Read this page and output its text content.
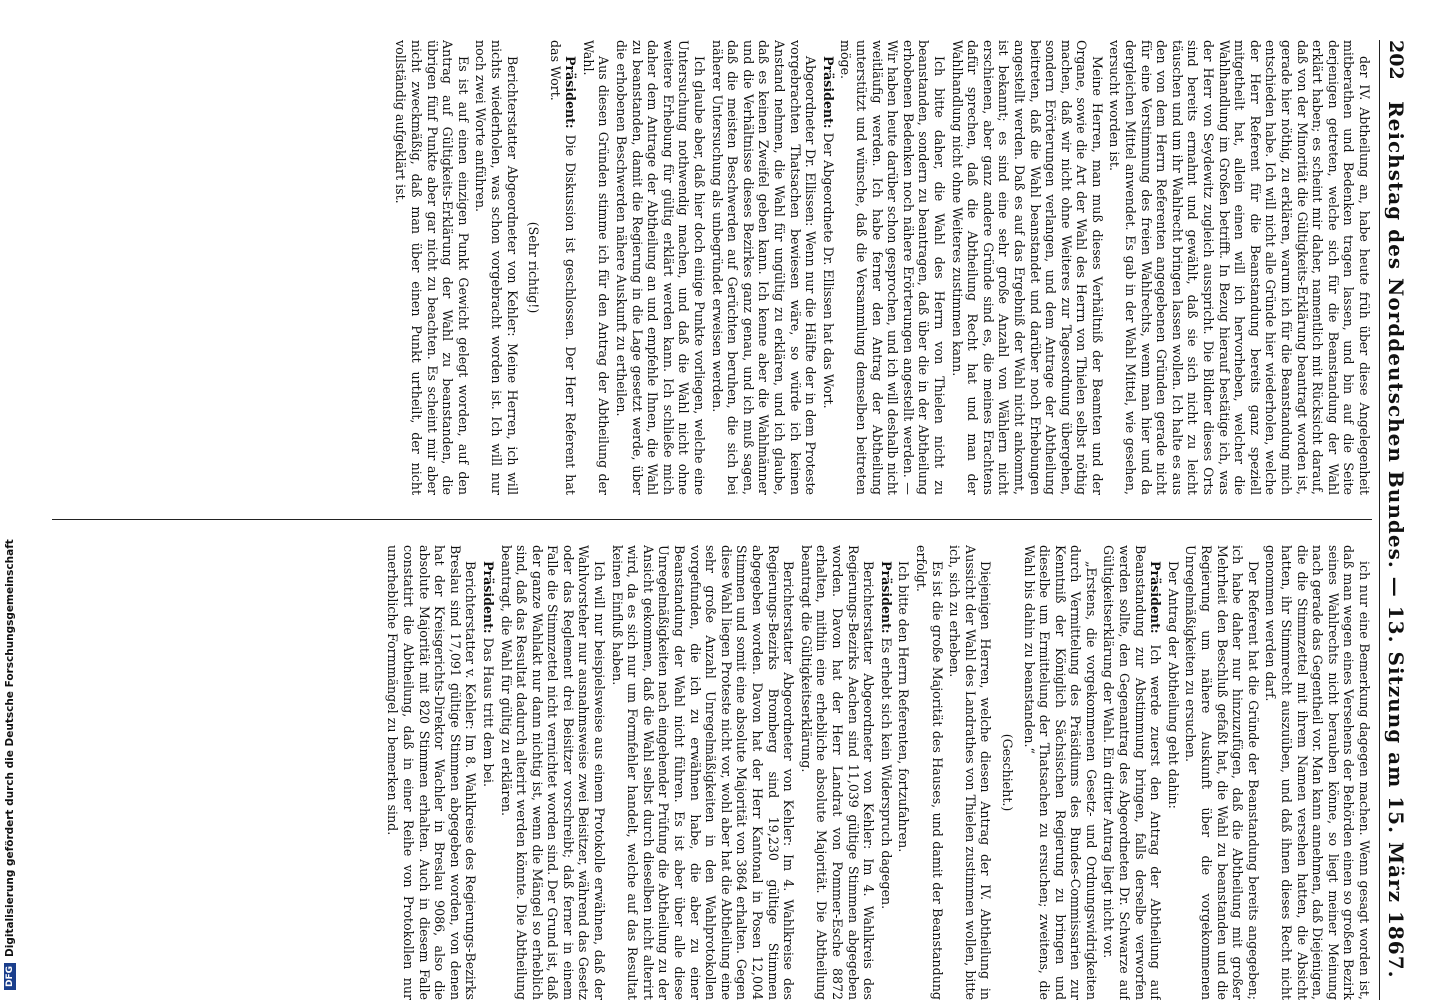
202
Reichstag des Norddeutschen Bundes. — 13. Sitzung am 15. März 1867.

der IV. Abtheilung an, habe heute früh über diese Angelegenheit mitberathen und Bedenken tragen lassen, und bin auf die Seite derjenigen getreten, welche sich für die Beanstandung der Wahl erklärt haben; es scheint mir daher, namentlich mit Rücksicht darauf, daß von der Minorität die Gültigkeits-Erklärung beantragt worden ist, gerade hier nöthig, zu erklären, warum ich für die Beanstandung mich entschieden habe. Ich will nicht alle Gründe hier wiederholen, welche der Herr Referent für die Beanstandung bereits ganz speziell mitgetheilt hat, allein einen will ich hervorheben, welcher die Wahlhandlung im Großen betrifft. In Bezug hierauf bestätige ich, was der Herr von Seydewitz zugleich ausspricht. Die Bildner dieses Orts sind bereits ermahnt und gewählt, daß sie sich nicht zu leicht täuschen und um ihr Wahlrecht bringen lassen wollen. Ich halte es aus den von dem Herrn Referenten angegebenen Gründen gerade nicht für eine Verstimmung des freien Wahlrechts, wenn man hier und da dergleichen Mittel anwendet. Es gab in der Wahl Mittel, wie gesehen, versucht worden ist.

Meine Herren, man muß dieses Verhältniß der Beamten und der Organe, sowie die Art der Wahl des Herrn von Thielen selbst nöthig machen, daß wir nicht ohne Weiteres zur Tagesordnung übergehen, sondern Erörterungen verlangen, und dem Antrage der Abtheilung beitreten, daß die Wahl beanstandet und darüber noch Erhebungen angestellt werden. Daß es auf das Ergebniß der Wahl nicht ankommt, ist bekannt; es sind eine sehr große Anzahl von Wählern nicht erschienen, aber ganz andere Gründe sind es, die meines Erachtens dafür sprechen, daß die Abtheilung Recht hat und man der Wahlhandlung nicht ohne Weiteres zustimmen kann.

Ich bitte daher, die Wahl des Herrn von Thielen nicht zu beanstanden, sondern zu beantragen, daß über die in der Abtheilung erhobenen Bedenken noch nähere Erörterungen angestellt werden. — Wir haben heute darüber schon gesprochen, und ich will deshalb nicht weitläufig werden. Ich habe ferner den Antrag der Abtheilung unterstützt und wünsche, daß die Versammlung demselben beitreten möge.

Präsident: Der Abgeordnete Dr. Ellissen hat das Wort.

Abgeordneter Dr. Ellissen: Wenn nur die Hälfte der in dem Proteste vorgebrachten Thatsachen bewiesen wäre, so würde ich keinen Anstand nehmen, die Wahl für ungültig zu erklären, und ich glaube, daß es keinen Zweifel geben kann. Ich kenne aber die Wahlmänner und die Verhältnisse dieses Bezirkes ganz genau, und ich muß sagen, daß die meisten Beschwerden auf Gerüchten beruhen, die sich bei näherer Untersuchung als unbegründet erweisen werden.

Ich glaube aber, daß hier doch einige Punkte vorliegen, welche eine Untersuchung nothwendig machen, und daß die Wahl nicht ohne weitere Erhebung für gültig erklärt werden kann. Ich schließe mich daher dem Antrage der Abtheilung an und empfehle Ihnen, die Wahl zu beanstanden, damit die Regierung in die Lage gesetzt werde, über die erhobenen Beschwerden nähere Auskunft zu ertheilen.

Aus diesen Gründen stimme ich für den Antrag der Abtheilung der Wahl.

Präsident: Die Diskussion ist geschlossen. Der Herr Referent hat das Wort.

(Sehr richtig!)

Berichterstatter Abgeordneter von Kehler: Meine Herren, ich will nichts wiederholen, was schon vorgebracht worden ist. Ich will nur noch zwei Worte anführen.

Es ist auf einen einzigen Punkt Gewicht gelegt worden, auf den Antrag auf Gültigkeits-Erklärung der Wahl zu beanstanden, die übrigen fünf Punkte aber gar nicht zu beachten. Es scheint mir aber nicht zweckmäßig, daß man über einen Punkt urtheilt, der nicht vollständig aufgeklärt ist.

ich nur eine Bemerkung dagegen machen. Wenn gesagt worden ist, daß man wegen eines Versehens der Behörden einen so großen Bezirk seines Wahlrechts nicht berauben könne, so liegt meiner Meinung nach gerade das Gegentheil vor. Man kann annehmen, daß Diejenigen, die die Stimmzettel mit ihrem Namen versehen hatten, die Absicht hatten, ihr Stimmrecht auszuüben, und daß ihnen dieses Recht nicht genommen werden darf.

Der Referent hat die Gründe der Beanstandung bereits angegeben; ich habe daher nur hinzuzufügen, daß die Abtheilung mit großer Mehrheit den Beschluß gefaßt hat, die Wahl zu beanstanden und die Regierung um nähere Auskunft über die vorgekommenen Unregelmäßigkeiten zu ersuchen.

Der Antrag der Abtheilung geht dahin:

Präsident: Ich werde zuerst den Antrag der Abtheilung auf Beanstandung zur Abstimmung bringen, falls derselbe verworfen werden sollte, den Gegenantrag des Abgeordneten Dr. Schwarze auf Gültigkeitserklärung der Wahl. Ein dritter Antrag liegt nicht vor.

„Erstens, die vorgekommenen Gesetz- und Ordnungswidrigkeiten durch Vermittelung des Präsidiums des Bundes-Commissarien zur Kenntniß der Königlich Sächsischen Regierung zu bringen und dieselbe um Ermittelung der Thatsachen zu ersuchen; zweitens, die Wahl bis dahin zu beanstanden.“

(Geschieht.)

Diejenigen Herren, welche diesen Antrag der IV. Abtheilung in Aussicht der Wahl des Landrathes von Thielen zustimmen wollen, bitte ich, sich zu erheben.

Es ist die große Majorität des Hauses, und damit der Beanstandung erfolgt.

Ich bitte den Herrn Referenten, fortzufahren.

Präsident: Es erhebt sich kein Widerspruch dagegen.

Berichterstatter Abgeordneter von Kehler: Im 4. Wahlkreis des Regierungs-Bezirks Aachen sind 11,039 gültige Stimmen abgegeben worden. Davon hat der Herr Landrat von Pommer-Esche 8872 erhalten, mithin eine erhebliche absolute Majorität. Die Abtheilung beantragt die Gültigkeitserklärung.

Berichterstatter Abgeordneter von Kehler: Im 4. Wahlkreise des Regierungs-Bezirks Bromberg sind 19,230 gültige Stimmen abgegeben worden. Davon hat der Herr Kantonal in Posen 12,004 Stimmen und somit eine absolute Majorität von 3864 erhalten. Gegen diese Wahl liegen Proteste nicht vor, wohl aber hat die Abtheilung eine sehr große Anzahl Unregelmäßigkeiten in den Wahlprotokollen vorgefunden, die ich zu erwähnen habe, die aber zu einer Beanstandung der Wahl nicht führen. Es ist aber über alle diese Unregelmäßigkeiten nach eingehender Prüfung die Abtheilung zu der Ansicht gekommen, daß die Wahl selbst durch dieselben nicht alterirt wird, da es sich nur um Formfehler handelt, welche auf das Resultat keinen Einfluß haben.

Ich will nur beispielsweise aus einem Protokolle erwähnen, daß der Wahlvorsteher nur ausnahmsweise zwei Beisitzer, während das Gesetz oder das Reglement drei Beisitzer vorschreibt; daß ferner in einem Falle die Stimmzettel nicht vernichtet worden sind. Der Grund ist, daß der ganze Wahlakt nur dann nichtig ist, wenn die Mängel so erheblich sind, daß das Resultat dadurch alterirt werden könnte. Die Abtheilung beantragt, die Wahl für gültig zu erklären.

Präsident: Das Haus tritt dem bei.

Berichterstatter v. Kehler: Im 8. Wahlkreise des Regierungs-Bezirks Breslau sind 17,091 gültige Stimmen abgegeben worden, von denen hat der Kreisgerichts-Direktor Wachler in Breslau 9086, also die absolute Majorität mit 820 Stimmen erhalten. Auch in diesem Falle constatirt die Abtheilung, daß in einer Reihe von Protokollen nur unerhebliche Formmängel zu bemerken sind.

DFG
Digitalisierung gefördert durch die Deutsche Forschungsgemeinschaft
